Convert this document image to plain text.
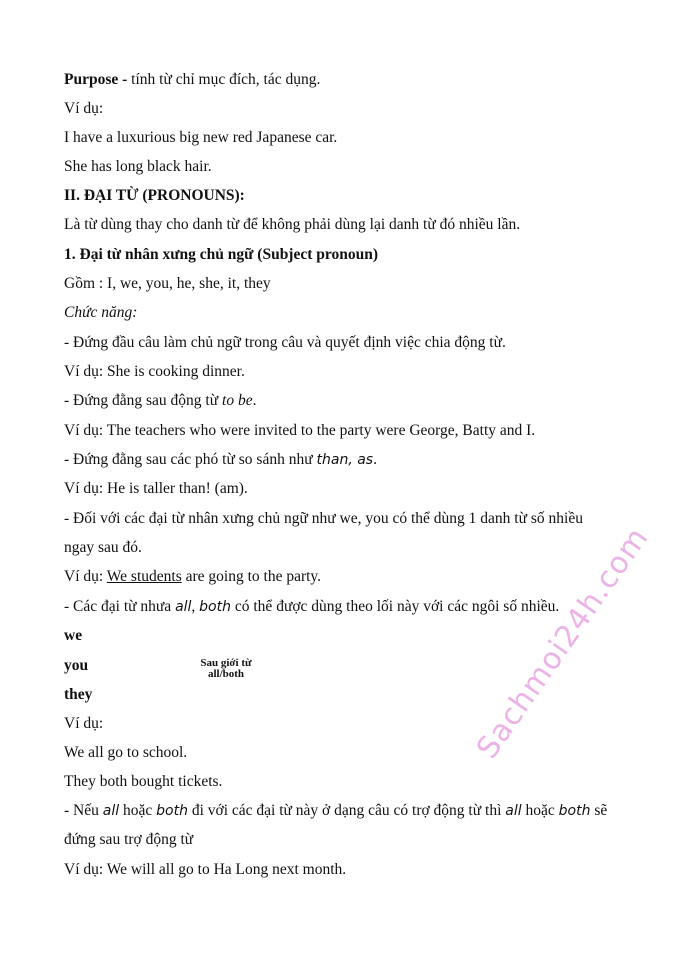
Purpose - tính từ chỉ mục đích, tác dụng.
Ví dụ:
I have a luxurious big new red Japanese car.
She has long black hair.
II. ĐẠI TỪ (PRONOUNS):
Là từ dùng thay cho danh từ để không phải dùng lại danh từ đó nhiều lần.
1. Đại từ nhân xưng chủ ngữ (Subject pronoun)
Gồm : I, we, you, he, she, it, they
Chức năng:
- Đứng đầu câu làm chủ ngữ trong câu và quyết định việc chia động từ.
Ví dụ: She is cooking dinner.
- Đứng đằng sau động từ to be.
Ví dụ: The teachers who were invited to the party were George, Batty and I.
- Đứng đằng sau các phó từ so sánh như than, as.
Ví dụ: He is taller than! (am).
- Đối với các đại từ nhân xưng chủ ngữ như we, you có thể dùng 1 danh từ số nhiều
ngay sau đó.
Ví dụ: We students are going to the party.
- Các đại từ nhưa all, both có thể được dùng theo lối này với các ngôi số nhiều.
we
you
they
Sau giới từ
all/both
Ví dụ:
We all go to school.
They both bought tickets.
- Nếu all hoặc both đi với các đại từ này ở dạng câu có trợ động từ thì all hoặc both sẽ
đứng sau trợ động từ
Ví dụ: We will all go to Ha Long next month.
Sachmoi24h.com
